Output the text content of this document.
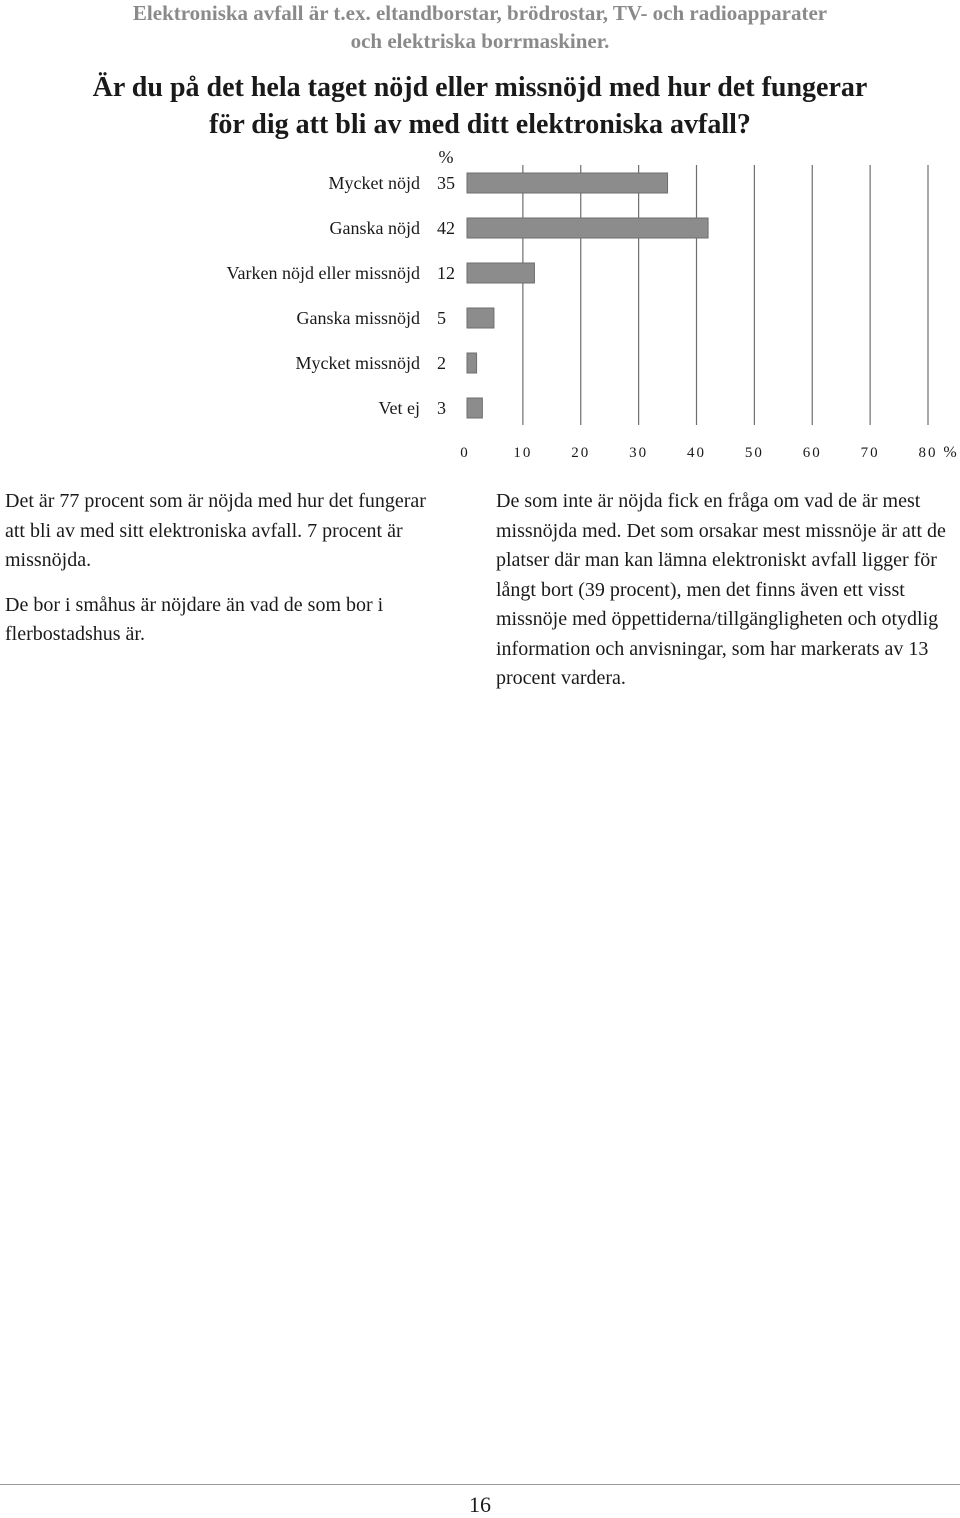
Elektroniska avfall är t.ex. eltandborstar, brödrostar, TV- och radioapparater
och elektriska borrmaskiner.
Är du på det hela taget nöjd eller missnöjd med hur det fungerar
för dig att bli av med ditt elektroniska avfall?
%
Mycket nöjd 35
Ganska nöjd 42
Varken nöjd eller missnöjd 12
Ganska missnöjd 5
Mycket missnöjd 2
Vet ej 3
0	10	20	30	40	50	60	70	80 %

Det är 77 procent som är nöjda med hur det fungerar att bli av med sitt elektroniska avfall. 7 procent är missnöjda.

De bor i småhus är nöjdare än vad de som bor i flerbostadshus är.

De som inte är nöjda fick en fråga om vad de är mest missnöjda med. Det som orsakar mest missnöje är att de platser där man kan lämna elektroniskt avfall ligger för långt bort (39 procent), men det finns även ett visst missnöje med öppettiderna/tillgängligheten och otydlig information och anvisningar, som har markerats av 13 procent vardera.

16
